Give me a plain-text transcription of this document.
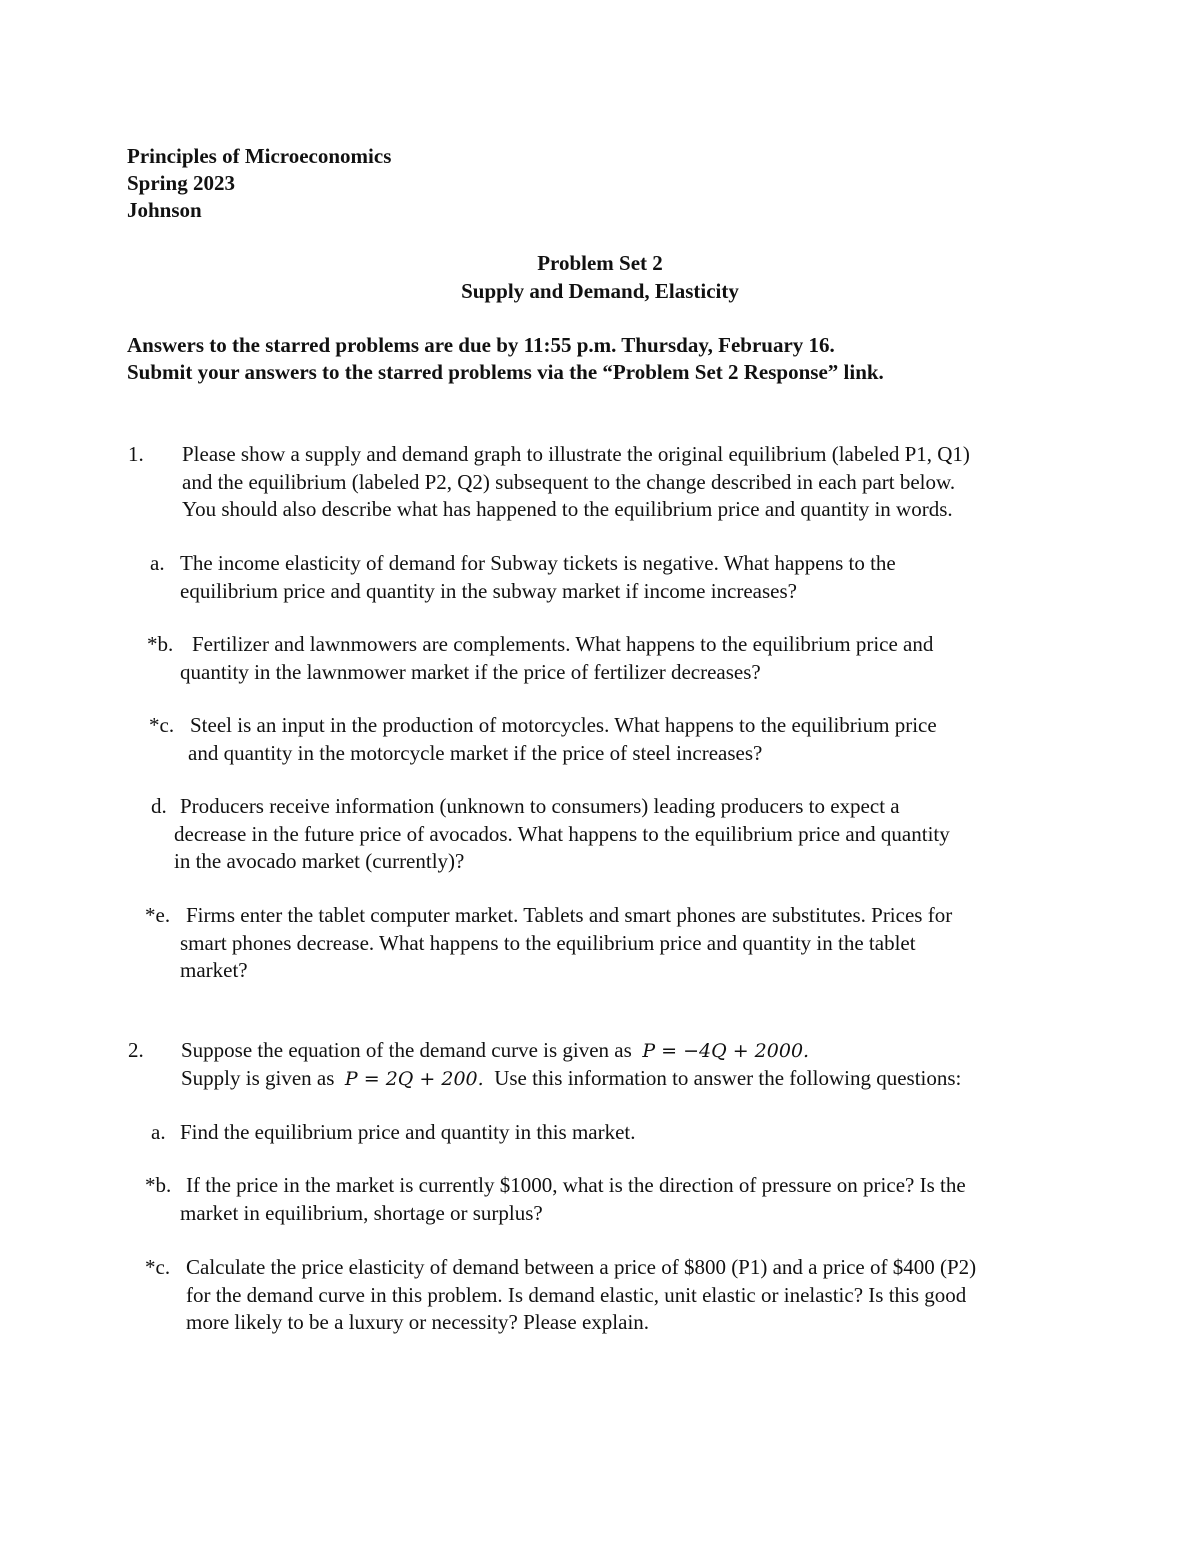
Principles of Microeconomics
Spring 2023
Johnson
Problem Set 2
Supply and Demand, Elasticity
Answers to the starred problems are due by 11:55 p.m. Thursday, February 16.
Submit your answers to the starred problems via the “Problem Set 2 Response” link.
1. Please show a supply and demand graph to illustrate the original equilibrium (labeled P1, Q1)
and the equilibrium (labeled P2, Q2) subsequent to the change described in each part below.
You should also describe what has happened to the equilibrium price and quantity in words.
a. The income elasticity of demand for Subway tickets is negative. What happens to the
equilibrium price and quantity in the subway market if income increases?
*b. Fertilizer and lawnmowers are complements. What happens to the equilibrium price and
quantity in the lawnmower market if the price of fertilizer decreases?
*c. Steel is an input in the production of motorcycles. What happens to the equilibrium price
and quantity in the motorcycle market if the price of steel increases?
d. Producers receive information (unknown to consumers) leading producers to expect a
decrease in the future price of avocados. What happens to the equilibrium price and quantity
in the avocado market (currently)?
*e. Firms enter the tablet computer market. Tablets and smart phones are substitutes. Prices for
smart phones decrease. What happens to the equilibrium price and quantity in the tablet
market?
2. Suppose the equation of the demand curve is given as P = −4Q + 2000.
Supply is given as P = 2Q + 200. Use this information to answer the following questions:
a. Find the equilibrium price and quantity in this market.
*b. If the price in the market is currently $1000, what is the direction of pressure on price? Is the
market in equilibrium, shortage or surplus?
*c. Calculate the price elasticity of demand between a price of $800 (P1) and a price of $400 (P2)
for the demand curve in this problem. Is demand elastic, unit elastic or inelastic? Is this good
more likely to be a luxury or necessity? Please explain.
